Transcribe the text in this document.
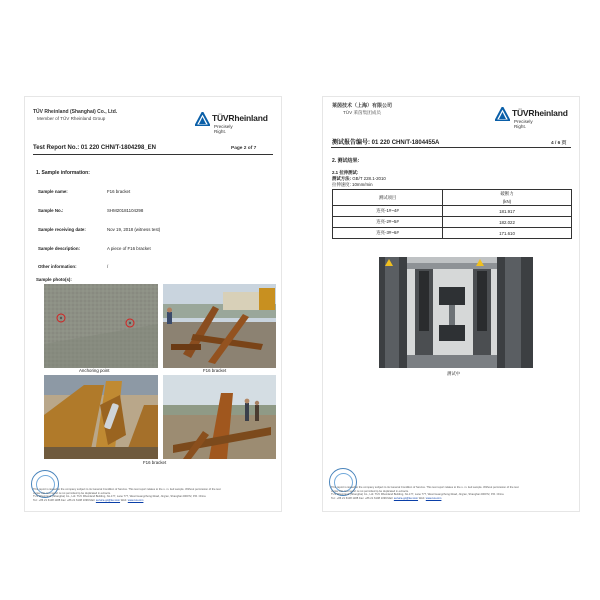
TÜV Rheinland (Shanghai) Co., Ltd.
Member of TÜV Rheinland Group	TÜVRheinland
Precisely Right.
Test Report No.: 01 220 CHN/T-1804298_EN	Page 2 of 7
1. Sample information:
Sample name:	F16 bracket
Sample No.:	SHM20181104298
Sample receiving date:	Nov 19, 2018 (witness test)
Sample description:	A piece of F16 bracket
Other information:	/
Sample photo(s):
Anchoring point	F16 bracket
F16 bracket
This report is issued to the company subject to its General Condition of Service. This test report relates to the s. m. ited sample. Without permission of the test
center this test report is not permitted to be duplicated in extracts.
TÜV Rheinland (Shanghai) Co., Ltd. TÜV Rheinland Building, No.177, Lane 777, West Guangzhong Road, Jing'an, Shanghai 200072, P.R. China
Tel.: +86 21 6108 1188 Fax: +86 21 6108 1099 Mail: service-gc@tuv.com Web: www.tuv.com
莱茵技术（上海）有限公司
TÜV 莱茵集团成员	TÜVRheinland
Precisely Right.
测试报告编号: 01 220 CHN/T-1804455A	4 / 6 页
2. 测试结果:
2.1 拉伸测试:
测试方法: GB/T 228.1-2010
拉伸速度: 10mm/min
测试项目	破断力
	(kN)
连亮-1#~4#	181.917
连亮-2#~5#	182.022
连亮-3#~6#	171.610
测试中
This report is issued to the company subject to its General Condition of Service. This test report relates to the s. m. ited sample. Without permission of the test
center this test report is not permitted to be duplicated in extracts.
TÜV Rheinland (Shanghai) Co., Ltd. TÜV Rheinland Building, No.177, Lane 777, West Guangzhong Road, Jing'an, Shanghai 200072, P.R. China
Tel.: +86 21 6108 1188 Fax: +86 21 6108 1099 Mail: service-gc@tuv.com Web: www.tuv.com
